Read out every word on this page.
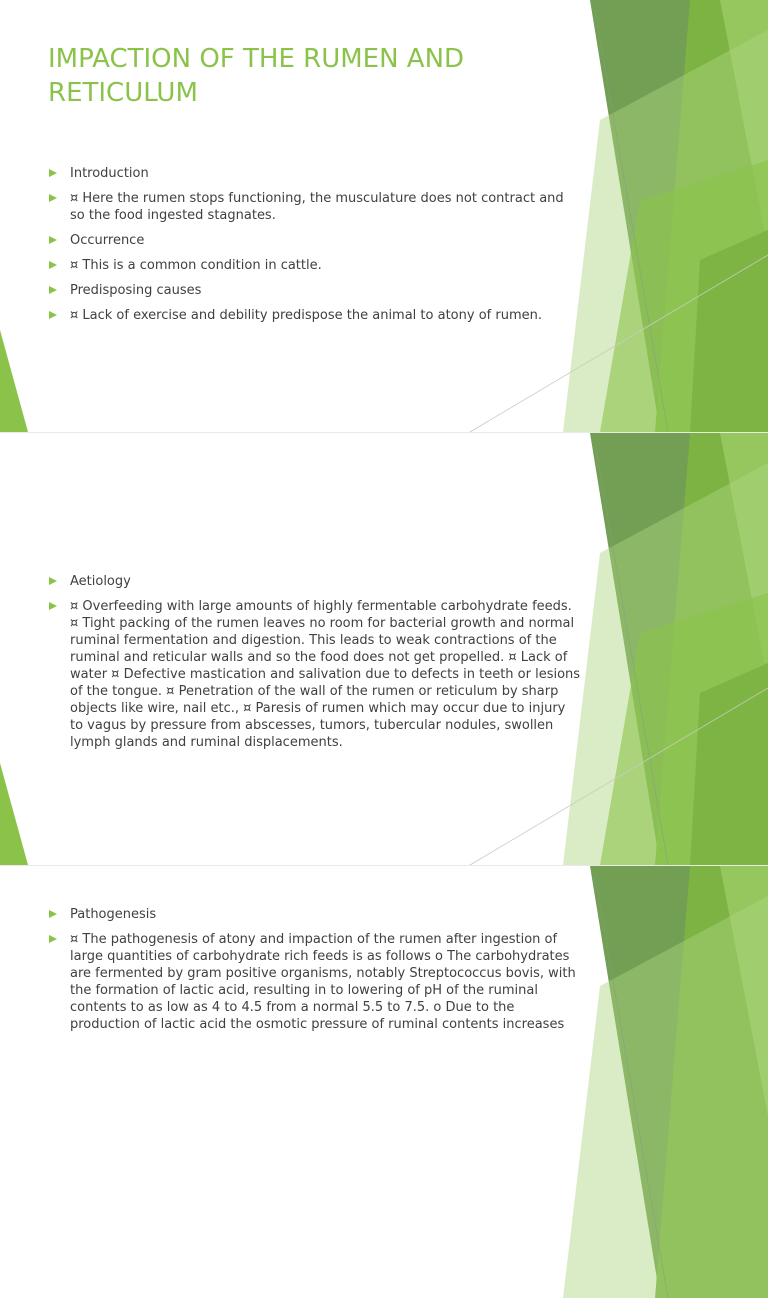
IMPACTION OF THE RUMEN AND RETICULUM
Introduction
¤ Here the rumen stops functioning, the musculature does not contract and so the food ingested stagnates.
Occurrence
¤ This is a common condition in cattle.
Predisposing causes
¤ Lack of exercise and debility predispose the animal to atony of rumen.
Aetiology
¤ Overfeeding with large amounts of highly fermentable carbohydrate feeds. ¤ Tight packing of the rumen leaves no room for bacterial growth and normal ruminal fermentation and digestion. This leads to weak contractions of the ruminal and reticular walls and so the food does not get propelled. ¤ Lack of water ¤ Defective mastication and salivation due to defects in teeth or lesions of the tongue. ¤ Penetration of the wall of the rumen or reticulum by sharp objects like wire, nail etc., ¤ Paresis of rumen which may occur due to injury to vagus by pressure from abscesses, tumors, tubercular nodules, swollen lymph glands and ruminal displacements.
Pathogenesis
¤ The pathogenesis of atony and impaction of the rumen after ingestion of large quantities of carbohydrate rich feeds is as follows o The carbohydrates are fermented by gram positive organisms, notably Streptococcus bovis, with the formation of lactic acid, resulting in to lowering of pH of the ruminal contents to as low as 4 to 4.5 from a normal 5.5 to 7.5. o Due to the production of lactic acid the osmotic pressure of ruminal contents increases
